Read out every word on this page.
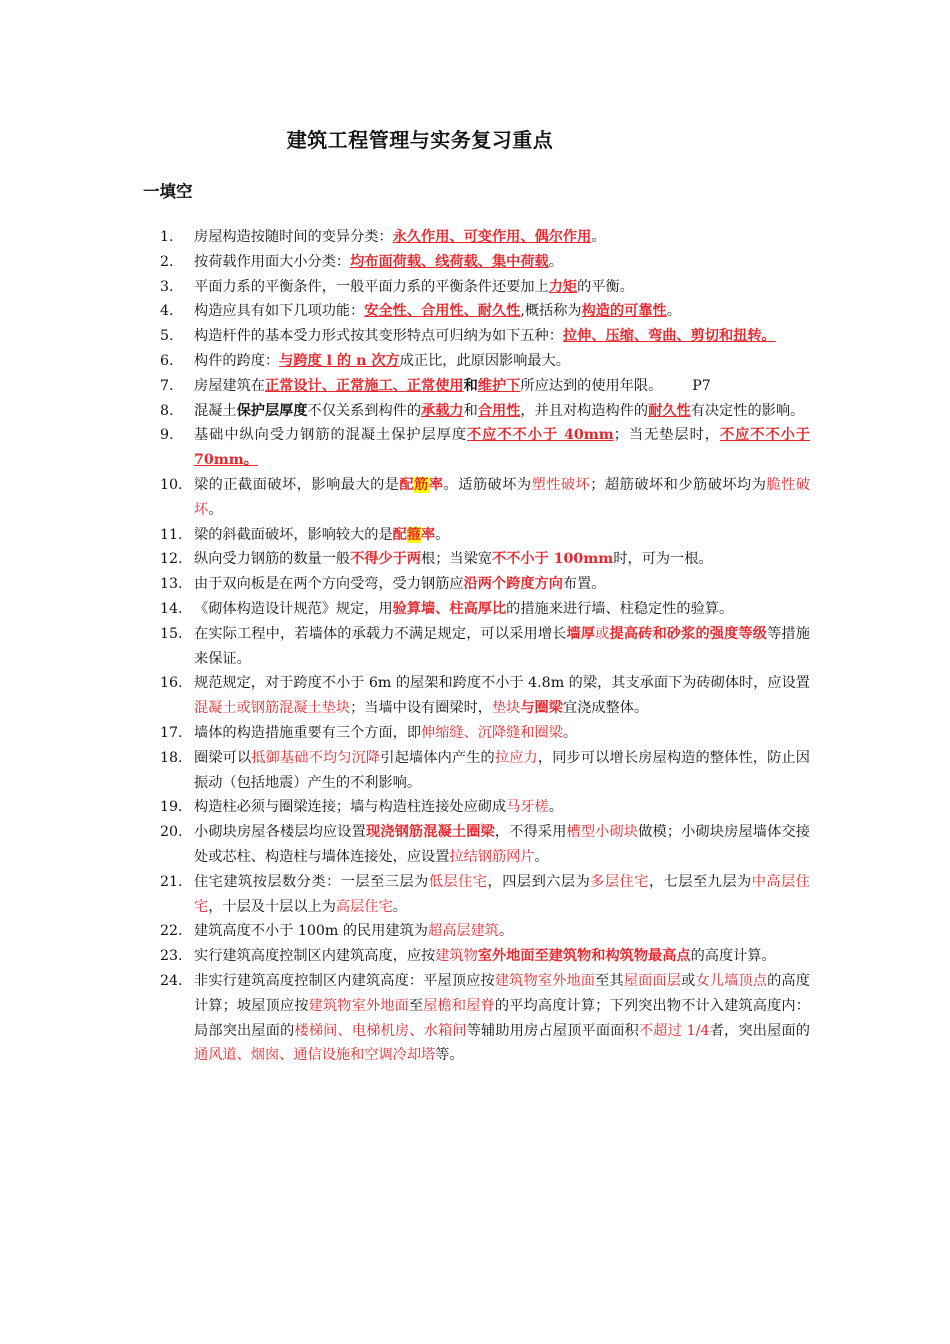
建筑工程管理与实务复习重点
一填空
1.	房屋构造按随时间的变异分类：永久作用、可变作用、偶尔作用。
2.	按荷载作用面大小分类：均布面荷载、线荷载、集中荷载。
3.	平面力系的平衡条件，一般平面力系的平衡条件还要加上力矩的平衡。
4.	构造应具有如下几项功能：安全性、合用性、耐久性,概括称为构造的可靠性。
5.	构造杆件的基本受力形式按其变形特点可归纳为如下五种：拉伸、压缩、弯曲、剪切和扭转。
6.	构件的跨度：与跨度 l 的 n 次方成正比，此原因影响最大。
7.	房屋建筑在正常设计、正常施工、正常使用和维护下所应达到的使用年限。 P7
8.	混凝土保护层厚度不仅关系到构件的承载力和合用性，并且对构造构件的耐久性有决定性的影响。
9.	基础中纵向受力钢筋的混凝土保护层厚度不应不不小于 40mm；当无垫层时，不应不不小于 70mm。
10. 梁的正截面破坏，影响最大的是配筋率。适筋破坏为塑性破坏；超筋破坏和少筋破坏均为脆性破坏。
11. 梁的斜截面破坏，影响较大的是配箍率。
12. 纵向受力钢筋的数量一般不得少于两根；当梁宽不不小于 100mm时，可为一根。
13. 由于双向板是在两个方向受弯，受力钢筋应沿两个跨度方向布置。
14. 《砌体构造设计规范》规定，用验算墙、柱高厚比的措施来进行墙、柱稳定性的验算。
15. 在实际工程中，若墙体的承载力不满足规定，可以采用增长墙厚或提高砖和砂浆的强度等级等措施来保证。
16. 规范规定，对于跨度不小于 6m 的屋架和跨度不小于 4.8m 的梁，其支承面下为砖砌体时，应设置混凝土或钢筋混凝土垫块；当墙中设有圈梁时，垫块与圈梁宜浇成整体。
17. 墙体的构造措施重要有三个方面，即伸缩缝、沉降缝和圈梁。
18. 圈梁可以抵御基础不均匀沉降引起墙体内产生的拉应力，同步可以增长房屋构造的整体性，防止因振动（包括地震）产生的不利影响。
19. 构造柱必须与圈梁连接；墙与构造柱连接处应砌成马牙槎。
20. 小砌块房屋各楼层均应设置现浇钢筋混凝土圈梁，不得采用槽型小砌块做模；小砌块房屋墙体交接处或芯柱、构造柱与墙体连接处，应设置拉结钢筋网片。
21. 住宅建筑按层数分类：一层至三层为低层住宅，四层到六层为多层住宅，七层至九层为中高层住宅，十层及十层以上为高层住宅。
22. 建筑高度不小于 100m 的民用建筑为超高层建筑。
23. 实行建筑高度控制区内建筑高度，应按建筑物室外地面至建筑物和构筑物最高点的高度计算。
24. 非实行建筑高度控制区内建筑高度：平屋顶应按建筑物室外地面至其屋面面层或女儿墙顶点的高度计算；坡屋顶应按建筑物室外地面至屋檐和屋脊的平均高度计算；下列突出物不计入建筑高度内：局部突出屋面的楼梯间、电梯机房、水箱间等辅助用房占屋顶平面面积不超过 1/4者，突出屋面的通风道、烟囱、通信设施和空调冷却塔等。
